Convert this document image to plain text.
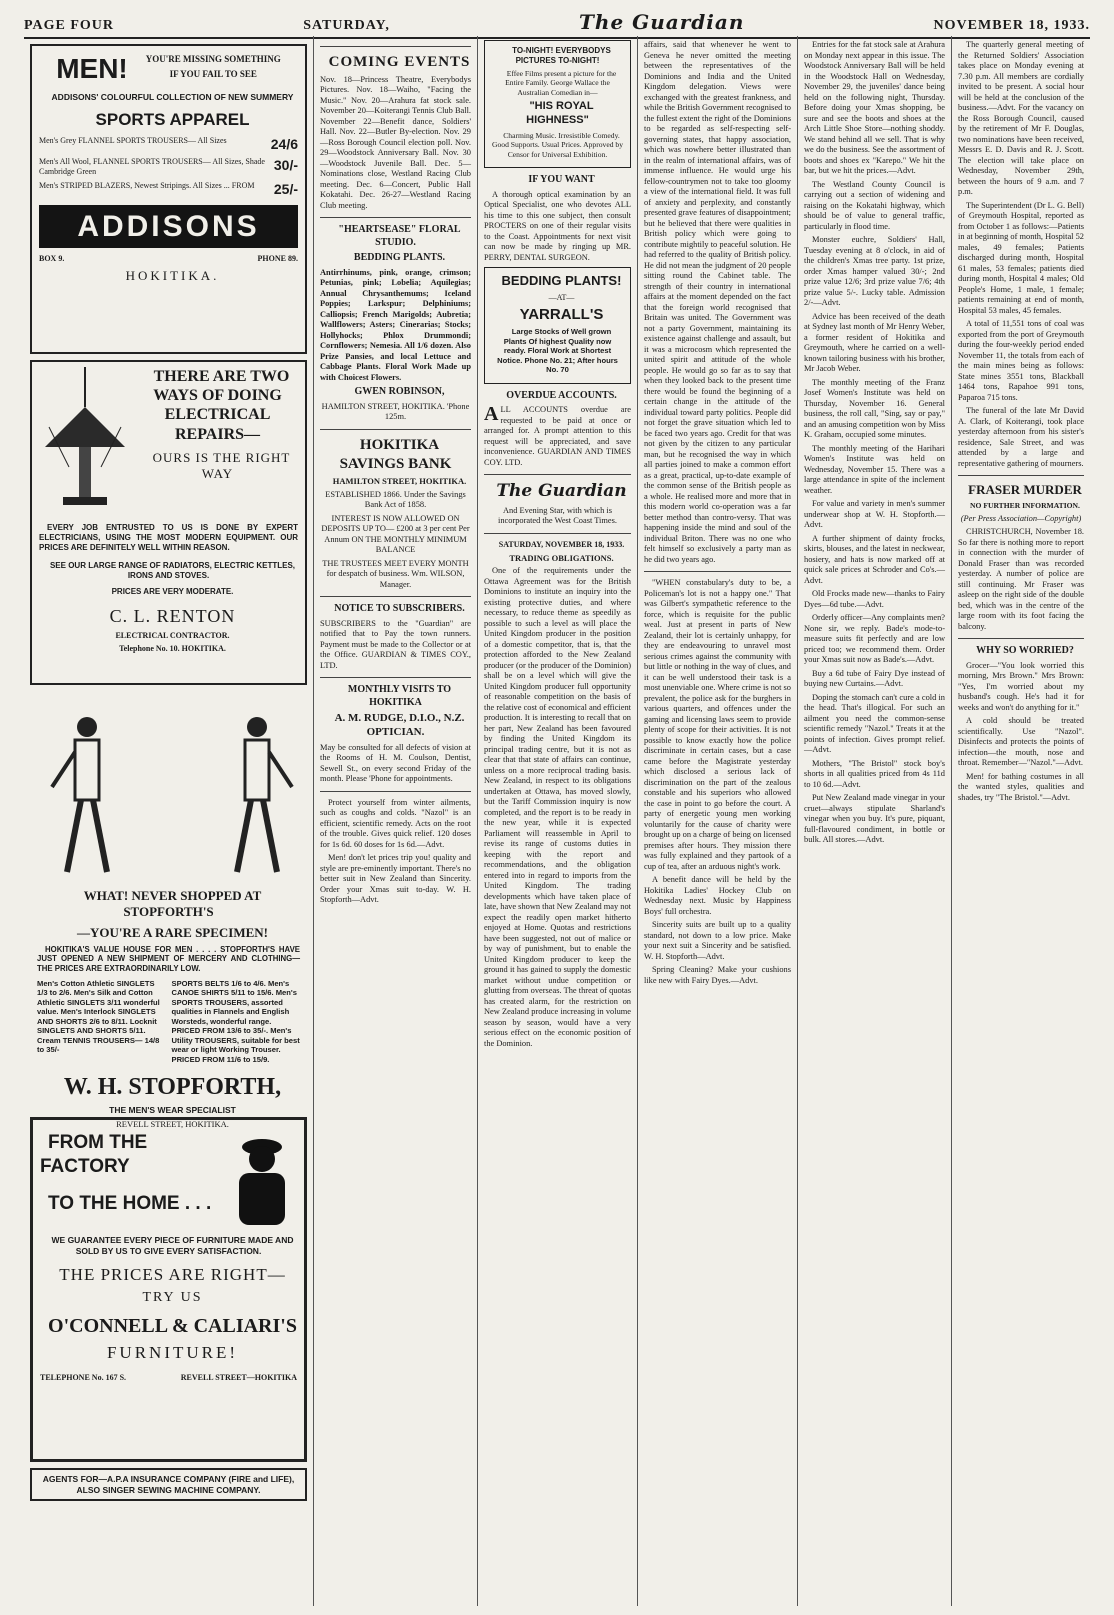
PAGE FOUR	SATURDAY,	The Guardian	NOVEMBER 18, 1933.
MEN!	YOU'RE MISSING SOMETHING

IF YOU FAIL TO SEE

ADDISONS' COLOURFUL COLLECTION OF NEW SUMMERY

SPORTS APPAREL

Men's Grey FLANNEL SPORTS TROUSERS— All Sizes	24/6
Men's All Wool, FLANNEL SPORTS TROUSERS— All Sizes, Shade Cambridge Green	30/-
Men's STRIPED BLAZERS, Newest Stripings. All Sizes ... FROM 25/-
ADDISONS
BOX 9.	PHONE 89.

HOKITIKA.

THERE ARE TWO WAYS OF DOING ELECTRICAL REPAIRS—

OURS IS THE RIGHT WAY

EVERY JOB ENTRUSTED TO US IS DONE BY EXPERT ELECTRICIANS, USING THE MOST MODERN EQUIPMENT. OUR PRICES ARE DEFINITELY WELL WITHIN REASON.

SEE OUR LARGE RANGE OF RADIATORS, ELECTRIC KETTLES, IRONS AND STOVES.

PRICES ARE VERY MODERATE.

C. L. RENTON

ELECTRICAL CONTRACTOR.

Telephone No. 10. HOKITIKA.

WHAT! NEVER SHOPPED AT STOPFORTH'S

—YOU'RE A RARE SPECIMEN!

HOKITIKA'S VALUE HOUSE FOR MEN . . . . STOPFORTH'S HAVE JUST OPENED A NEW SHIPMENT OF MERCERY AND CLOTHING—THE PRICES ARE EXTRAORDINARILY LOW.

Men's Cotton Athletic SINGLETS 1/3 to 2/6. Men's Silk and Cotton Athletic SINGLETS 3/11 wonderful value. Men's Interlock SINGLETS AND SHORTS 2/6 to 8/11. Locknit SINGLETS AND SHORTS 5/11. Cream TENNIS TROUSERS— 14/8 to 35/-
SPORTS BELTS 1/6 to 4/6. Men's CANOE SHIRTS 5/11 to 15/6. Men's SPORTS TROUSERS, assorted qualities in Flannels and English Worsteds, wonderful range. PRICED FROM 13/6 to 35/-. Men's Utility TROUSERS, suitable for best wear or light Working Trouser. PRICED FROM 11/6 to 15/9.

W. H. STOPFORTH,

THE MEN'S WEAR SPECIALIST

REVELL STREET, HOKITIKA.

FROM THE FACTORY

TO THE HOME . . .

WE GUARANTEE EVERY PIECE OF FURNITURE MADE AND SOLD BY US TO GIVE EVERY SATISFACTION.

THE PRICES ARE RIGHT—

TRY US

O'CONNELL & CALIARI'S

FURNITURE!

TELEPHONE No. 167 S.	REVELL STREET—HOKITIKA
AGENTS FOR—A.P.A INSURANCE COMPANY (FIRE and LIFE), ALSO SINGER SEWING MACHINE COMPANY.

COMING EVENTS

Nov. 18—Princess Theatre, Everybodys Pictures. Nov. 18—Waiho, "Facing the Music." Nov. 20—Arahura fat stock sale. November 20—Koiterangi Tennis Club Ball. November 22—Benefit dance, Soldiers' Hall. Nov. 22—Butler By-election. Nov. 29—Ross Borough Council election poll. Nov. 29—Woodstock Anniversary Ball. Nov. 30—Woodstock Juvenile Ball. Dec. 5—Nominations close, Westland Racing Club meeting. Dec. 6—Concert, Public Hall Kokatahi. Dec. 26-27—Westland Racing Club meeting.

"HEARTSEASE" FLORAL STUDIO.

BEDDING PLANTS.

Antirrhinums, pink, orange, crimson; Petunias, pink; Lobelia; Aquilegias; Annual Chrysanthemums; Iceland Poppies; Larkspur; Delphiniums; Calliopsis; French Marigolds; Aubretia; Wallflowers; Asters; Cinerarias; Stocks; Hollyhocks; Phlox Drummondi; Cornflowers; Nemesia. All 1/6 dozen. Also Prize Pansies, and local Lettuce and Cabbage Plants. Floral Work Made up with Choicest Flowers.

GWEN ROBINSON,

HAMILTON STREET, HOKITIKA. 'Phone 125m.

HOKITIKA SAVINGS BANK

HAMILTON STREET, HOKITIKA.

ESTABLISHED 1866. Under the Savings Bank Act of 1858.

INTEREST IS NOW ALLOWED ON DEPOSITS UP TO— £200 at 3 per cent Per Annum ON THE MONTHLY MINIMUM BALANCE

THE TRUSTEES MEET EVERY MONTH for despatch of business. Wm. WILSON, Manager.

NOTICE TO SUBSCRIBERS.

SUBSCRIBERS to the "Guardian" are notified that to Pay the town runners. Payment must be made to the Collector or at the Office. GUARDIAN & TIMES COY., LTD.

MONTHLY VISITS TO HOKITIKA

A. M. RUDGE, D.I.O., N.Z. OPTICIAN.

May be consulted for all defects of vision at the Rooms of H. M. Coulson, Dentist, Sewell St., on every second Friday of the month. Please 'Phone for appointments.

Protect yourself from winter ailments, such as coughs and colds. "Nazol" is an efficient, scientific remedy. Acts on the root of the trouble. Gives quick relief. 120 doses for 1s 6d. 60 doses for 1s 6d.—Advt.

Men! don't let prices trip you! quality and style are pre-eminently important. There's no better suit in New Zealand than Sincerity. Order your Xmas suit to-day. W. H. Stopforth—Advt.

TO-NIGHT! EVERYBODYS PICTURES TO-NIGHT!

Effee Films present a picture for the Entire Family. George Wallace the Australian Comedian in—

"HIS ROYAL HIGHNESS"

Charming Music. Irresistible Comedy. Good Supports. Usual Prices. Approved by Censor for Universal Exhibition.

IF YOU WANT

A thorough optical examination by an Optical Specialist, one who devotes ALL his time to this one subject, then consult PROCTERS on one of their regular visits to the Coast. Appointments for next visit can now be made by ringing up MR. PERRY, DENTAL SURGEON.

BEDDING PLANTS!

—AT—

YARRALL'S

Large Stocks of Well grown Plants Of highest Quality now ready. Floral Work at Shortest Notice. Phone No. 21; After hours No. 70

OVERDUE ACCOUNTS.

ALL ACCOUNTS overdue are requested to be paid at once or arranged for. A prompt attention to this request will be appreciated, and save inconvenience. GUARDIAN AND TIMES COY. LTD.

The Guardian

And Evening Star, with which is incorporated the West Coast Times.

SATURDAY, NOVEMBER 18, 1933.

TRADING OBLIGATIONS.

One of the requirements under the Ottawa Agreement was for the British Dominions to institute an inquiry into the existing protective duties, and where necessary, to reduce theme as speedily as possible to such a level as will place the United Kingdom producer in the position of a domestic competitor, that is, that the protection afforded to the New Zealand producer (or the producer of the Dominion) shall be on a level which will give the United Kingdom producer full opportunity of reasonable competition on the basis of the relative cost of economical and efficient production. It is interesting to recall that on her part, New Zealand has been favoured by finding the United Kingdom its principal trading centre, but it is not as clear that that state of affairs can continue, unless on a more reciprocal trading basis. New Zealand, in respect to its obligations undertaken at Ottawa, has moved slowly, but the Tariff Commission inquiry is now completed, and the report is to be ready in the new year, while it is expected Parliament will reassemble in April to revise its range of customs duties in keeping with the report and recommendations, and the obligation entered into in regard to imports from the United Kingdom. The trading developments which have taken place of late, have shown that New Zealand may not expect the readily open market hitherto enjoyed at Home. Quotas and restrictions have been suggested, not out of malice or by way of punishment, but to enable the United Kingdom producer to keep the ground it has gained to supply the domestic market without undue competition or glutting from overseas. The threat of quotas has created alarm, for the restriction on New Zealand produce increasing in volume season by season, would have a very serious effect on the economic position of the Dominion.

affairs, said that whenever he went to Geneva he never omitted the meeting between the representatives of the Dominions and India and the United Kingdom delegation. Views were exchanged with the greatest frankness, and while the British Government recognised to the fullest extent the right of the Dominions to be regarded as self-respecting self-governing states, that happy association, which was nowhere better illustrated than in the realm of international affairs, was of immense influence. He would urge his fellow-countrymen not to take too gloomy a view of the international field. It was full of anxiety and perplexity, and constantly presented grave features of disappointment; but he believed that there were qualities in British policy which were going to contribute mightily to peaceful solution. He had referred to the quality of British policy. He did not mean the judgment of 20 people sitting round the Cabinet table. The strength of their country in international affairs at the moment depended on the fact that the foreign world recognised that Britain was united. The Government was not a party Government, maintaining its existence against challenge and assault, but it was a microcosm which represented the united spirit and attitude of the whole people. He would go so far as to say that when they looked back to the present time there would be found the beginning of a certain change in the attitude of the individual toward party politics. People did not forget the grave situation which led to be faced two years ago. Credit for that was not given by the citizen to any particular man, but he recognised the way in which all parties joined to make a common effort as a great, practical, up-to-date example of the common sense of the British people as a whole. He realised more and more that in this modern world co-operation was a far better method than contro-versy. That was happening inside the mind and soul of the individual Briton. There was no one who felt himself so exclusively a party man as he did two years ago.

"WHEN constabulary's duty to be, a Policeman's lot is not a happy one." That was Gilbert's sympathetic reference to the force, which is requisite for the public weal. Just at present in parts of New Zealand, their lot is certainly unhappy, for they are endeavouring to unravel most serious crimes against the community with but little or nothing in the way of clues, and it can be well understood their task is a most unenviable one. Where crime is not so prevalent, the police ask for the burghers in various quarters, and offences under the gaming and licensing laws seem to provide plenty of scope for their activities. It is not possible to know exactly how the police discriminate in certain cases, but a case came before the Magistrate yesterday which disclosed a serious lack of discrimination on the part of the zealous constable and his superiors who allowed the case in point to go before the court. A party of energetic young men working voluntarily for the cause of charity were brought up on a charge of being on licensed premises after hours. They mission there was fully explained and they partook of a cup of tea, after an arduous night's work.

A benefit dance will be held by the Hokitika Ladies' Hockey Club on Wednesday next. Music by Happiness Boys' full orchestra.

Sincerity suits are built up to a quality standard, not down to a low price. Make your next suit a Sincerity and be satisfied. W. H. Stopforth—Advt.

Spring Cleaning? Make your cushions like new with Fairy Dyes.—Advt.

Entries for the fat stock sale at Arahura on Monday next appear in this issue. The Woodstock Anniversary Ball will be held in the Woodstock Hall on Wednesday, November 29, the juveniles' dance being held on the following night, Thursday. Before doing your Xmas shopping, be sure and see the boots and shoes at the Arch Little Shoe Store—nothing shoddy. We stand behind all we sell. That is why we do the business. See the assortment of boots and shoes ex "Karepo." We hit the bar, but we hit the prices.—Advt.

The Westland County Council is carrying out a section of widening and raising on the Kokatahi highway, which should be of value to general traffic, particularly in flood time.

Monster euchre, Soldiers' Hall, Tuesday evening at 8 o'clock, in aid of the children's Xmas tree party. 1st prize, order Xmas hamper valued 30/-; 2nd prize value 12/6; 3rd prize value 7/6; 4th prize value 5/-. Lucky table. Admission 2/-—Advt.

Advice has been received of the death at Sydney last month of Mr Henry Weber, a former resident of Hokitika and Greymouth, where he carried on a well-known tailoring business with his brother, Mr Jacob Weber.

The monthly meeting of the Franz Josef Women's Institute was held on Thursday, November 16. General business, the roll call, "Sing, say or pay," and an amusing competition won by Miss K. Graham, occupied some minutes.

The monthly meeting of the Harihari Women's Institute was held on Wednesday, November 15. There was a large attendance in spite of the inclement weather.

For value and variety in men's summer underwear shop at W. H. Stopforth.—Advt.

A further shipment of dainty frocks, skirts, blouses, and the latest in neckwear, hosiery, and hats is now marked off at quick sale prices at Schroder and Co's.—Advt.

Old Frocks made new—thanks to Fairy Dyes—6d tube.—Advt.

Orderly officer—Any complaints men? None sir, we reply. Bade's mode-to-measure suits fit perfectly and are low priced too; we recommend them. Order your Xmas suit now as Bade's.—Advt.

Buy a 6d tube of Fairy Dye instead of buying new Curtains.—Advt.

Doping the stomach can't cure a cold in the head. That's illogical. For such an ailment you need the common-sense scientific remedy "Nazol." Treats it at the points of infection. Gives prompt relief.—Advt.

Mothers, "The Bristol" stock boy's shorts in all qualities priced from 4s 11d to 10 6d.—Advt.

Put New Zealand made vinegar in your cruet—always stipulate Sharland's vinegar when you buy. It's pure, piquant, full-flavoured condiment, in bottle or bulk. All stores.—Advt.

The quarterly general meeting of the Returned Soldiers' Association takes place on Monday evening at 7.30 p.m. All members are cordially invited to be present. A social hour will be held at the conclusion of the business.—Advt. For the vacancy on the Ross Borough Council, caused by the retirement of Mr F. Douglas, two nominations have been received, Messrs E. D. Davis and R. J. Scott. The election will take place on Wednesday, November 29th, between the hours of 9 a.m. and 7 p.m.

The Superintendent (Dr L. G. Bell) of Greymouth Hospital, reported as from October 1 as follows:—Patients in at beginning of month, Hospital 52 males, 49 females; Patients discharged during month, Hospital 61 males, 53 females; patients died during month, Hospital 4 males; Old People's Home, 1 male, 1 female; patients remaining at end of month, Hospital 53 males, 45 females.

A total of 11,551 tons of coal was exported from the port of Greymouth during the four-weekly period ended November 11, the totals from each of the main mines being as follows: State mines 3551 tons, Blackball 1464 tons, Rapahoe 991 tons, Paparoa 715 tons.

The funeral of the late Mr David A. Clark, of Koiterangi, took place yesterday afternoon from his sister's residence, Sale Street, and was attended by a large and representative gathering of mourners.

FRASER MURDER

NO FURTHER INFORMATION.

(Per Press Association—Copyright)

CHRISTCHURCH, November 18. So far there is nothing more to report in connection with the murder of Donald Fraser than was recorded yesterday. A number of police are still continuing. Mr Fraser was asleep on the right side of the double bed, which was in the centre of the large room with its foot facing the balcony.

WHY SO WORRIED?

Grocer—"You look worried this morning, Mrs Brown." Mrs Brown: "Yes, I'm worried about my husband's cough. He's had it for weeks and won't do anything for it."

A cold should be treated scientifically. Use "Nazol". Disinfects and protects the points of infection—the mouth, nose and throat. Remember—"Nazol."—Advt.

Men! for bathing costumes in all the wanted styles, qualities and shades, try "The Bristol."—Advt.
